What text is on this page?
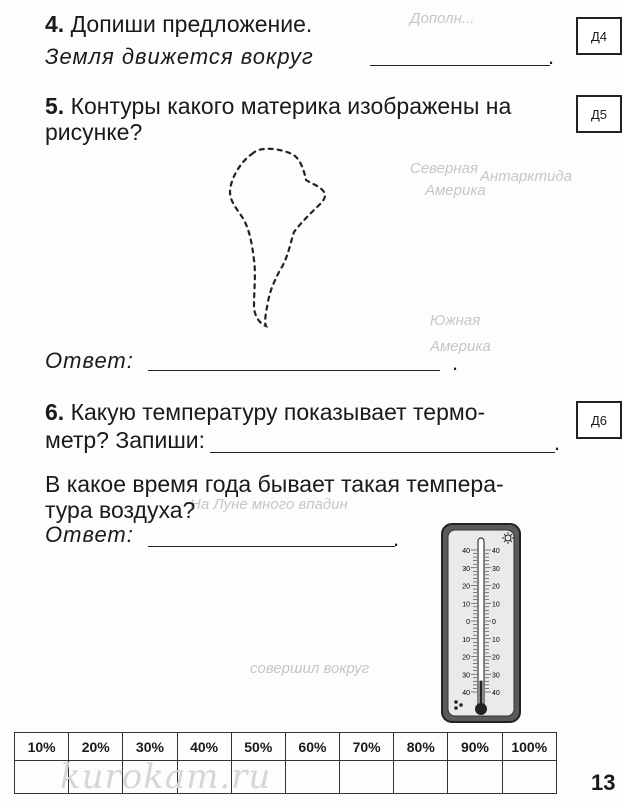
Дополн...
Северная
Америка
Антарктида
Южная
Америка
На Луне много впадин
совершил вокруг
4. Допиши предложение.
Земля движется вокруг	.
Д4
5. Контуры какого материка изображены на
рисунке?
Д5
Ответ:	.
6. Какую температуру показывает термо-
метр? Запиши:	.
Д6
В какое время года бывает такая темпера-
тура воздуха?
Ответ:	.
40
30
20
10
0
10
20
30
40
40
30
20
10
0
10
20
30
40
10%	20%	30%	40%	50%	60%	70%	80%	90%	100%

kurokam.ru	13
